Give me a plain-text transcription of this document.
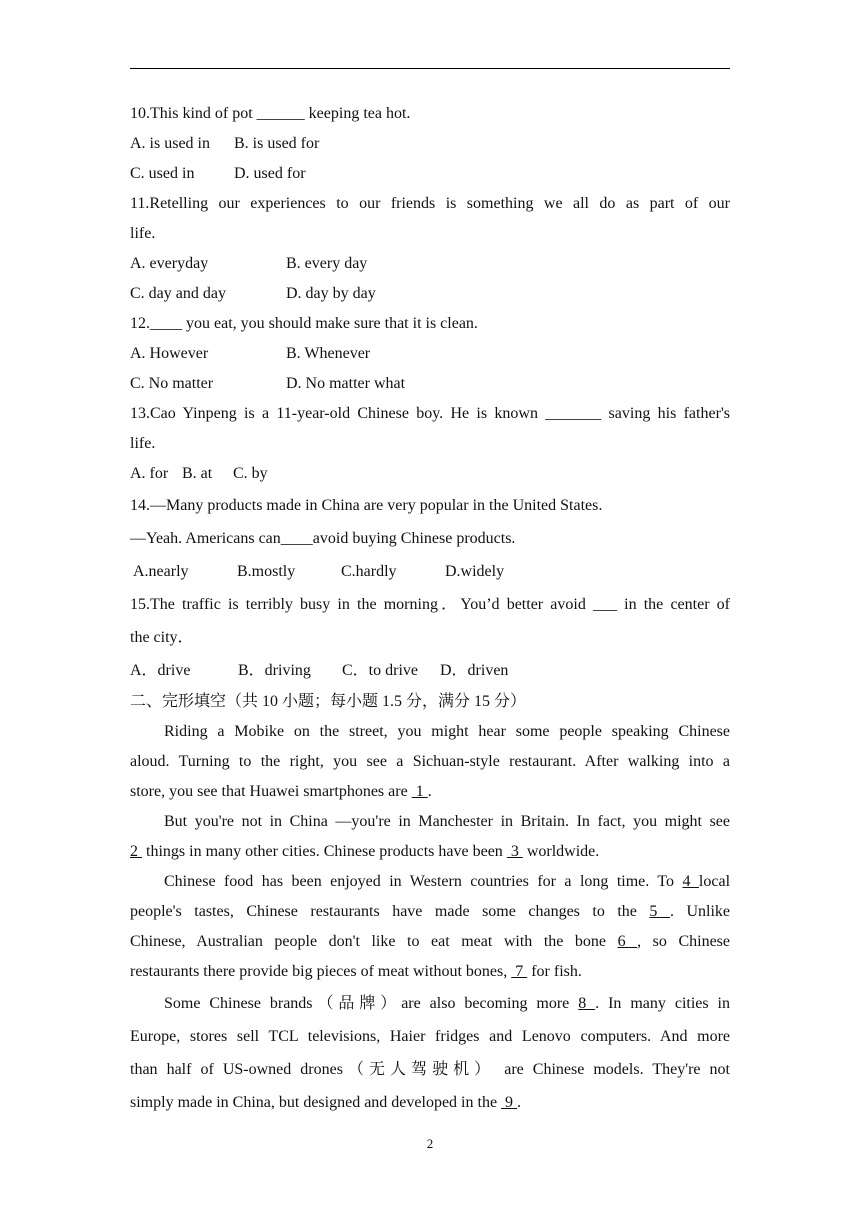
10.This kind of pot ______ keeping tea hot.
A. is used in B. is used for
C. used in D. used for
11.Retelling our experiences to our friends is something we all do as part of our
life.
A. everyday	B. every day
C. day and day	D. day by day
12.____ you eat, you should make sure that it is clean.
A. However	B. Whenever
C. No matter	D. No matter what
13.Cao Yinpeng is a 11-year-old Chinese boy. He is known _______ saving his father's
life.
A. for B. at C. by
14.—Many products made in China are very popular in the United States.
—Yeah. Americans can____avoid buying Chinese products.
A.nearly	B.mostly	C.hardly	D.widely
15.The traffic is terribly busy in the morning．You’d better avoid ___ in the center of
the city．
A．drive	B．driving C．to drive D．driven
二、完形填空（共 10 小题；每小题 1.5 分，满分 15 分）
Riding a Mobike on the street, you might hear some people speaking Chinese
aloud. Turning to the right, you see a Sichuan-style restaurant. After walking into a
store, you see that Huawei smartphones are  1 .
But you're not in China —you're in Manchester in Britain. In fact, you might see
2  things in many other cities. Chinese products have been  3  worldwide.
Chinese food has been enjoyed in Western countries for a long time. To 4 local
people's tastes, Chinese restaurants have made some changes to the 5 . Unlike
Chinese, Australian people don't like to eat meat with the bone 6 , so Chinese
restaurants there provide big pieces of meat without bones,  7  for fish.
Some Chinese brands（品牌）are also becoming more 8 . In many cities in
Europe, stores sell TCL televisions, Haier fridges and Lenovo computers. And more
than half of US-owned drones（无人驾驶机） are Chinese models. They're not
simply made in China, but designed and developed in the  9 .
2
